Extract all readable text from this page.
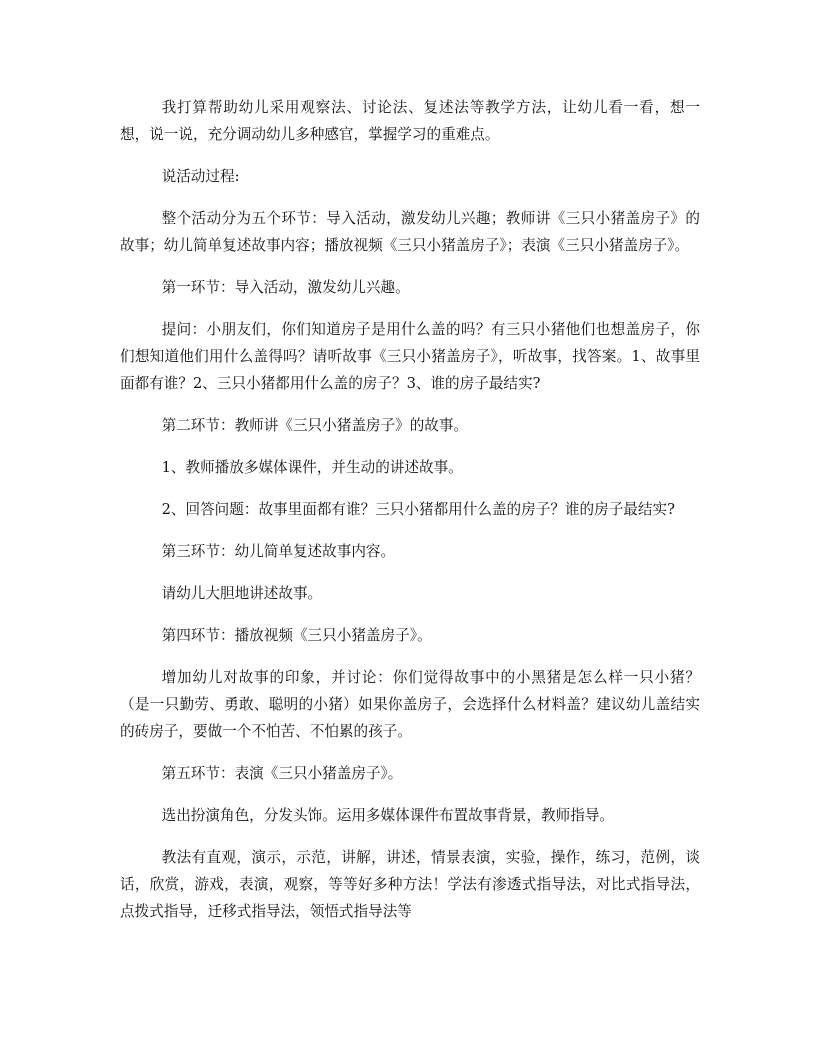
我打算帮助幼儿采用观察法、讨论法、复述法等教学方法，让幼儿看一看，想一想，说一说，充分调动幼儿多种感官，掌握学习的重难点。

说活动过程:

整个活动分为五个环节：导入活动，激发幼儿兴趣；教师讲《三只小猪盖房子》的故事；幼儿简单复述故事内容；播放视频《三只小猪盖房子》；表演《三只小猪盖房子》。

第一环节：导入活动，激发幼儿兴趣。

提问：小朋友们，你们知道房子是用什么盖的吗？有三只小猪他们也想盖房子，你们想知道他们用什么盖得吗？请听故事《三只小猪盖房子》，听故事，找答案。1、故事里面都有谁？2、三只小猪都用什么盖的房子？3、谁的房子最结实?

第二环节：教师讲《三只小猪盖房子》的故事。

1、教师播放多媒体课件，并生动的讲述故事。

2、回答问题：故事里面都有谁？三只小猪都用什么盖的房子？谁的房子最结实?

第三环节：幼儿简单复述故事内容。

请幼儿大胆地讲述故事。

第四环节：播放视频《三只小猪盖房子》。

增加幼儿对故事的印象，并讨论：你们觉得故事中的小黑猪是怎么样一只小猪？（是一只勤劳、勇敢、聪明的小猪）如果你盖房子，会选择什么材料盖？建议幼儿盖结实的砖房子，要做一个不怕苦、不怕累的孩子。

第五环节：表演《三只小猪盖房子》。

选出扮演角色，分发头饰。运用多媒体课件布置故事背景，教师指导。

教法有直观，演示，示范，讲解，讲述，情景表演，实验，操作，练习，范例，谈话，欣赏，游戏，表演，观察，等等好多种方法！学法有渗透式指导法，对比式指导法，点拨式指导，迁移式指导法，领悟式指导法等
